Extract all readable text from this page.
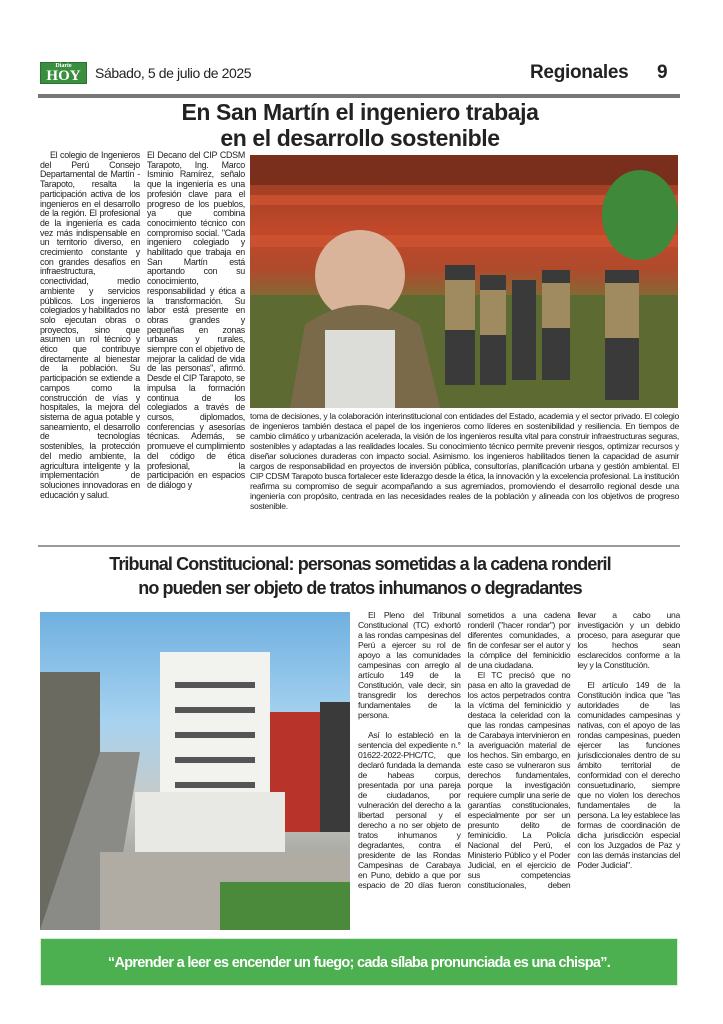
Diario
HOY	Sábado, 5 de julio de 2025	Regionales 9
En San Martín el ingeniero trabaja
en el desarrollo sostenible
El colegio de Ingenieros del Perú Consejo Departamental de Martín -Tarapoto, resalta la participación activa de los ingenieros en el desarrollo de la región. El profesional de la ingeniería es cada vez más indispensable en un territorio diverso, en crecimiento constante y con grandes desafíos en infraestructura, conectividad, medio ambiente y servicios públicos. Los ingenieros colegiados y habilitados no solo ejecutan obras o proyectos, sino que asumen un rol técnico y ético que contribuye directamente al bienestar de la población. Su participación se extiende a campos como la construcción de vías y hospitales, la mejora del sistema de agua potable y saneamiento, el desarrollo de tecnologías sostenibles, la protección del medio ambiente, la agricultura inteligente y la implementación de soluciones innovadoras en educación y salud.
El Decano del CIP CDSM Tarapoto, Ing. Marco Isminio Ramírez, señalo que la ingeniería es una profesión clave para el progreso de los pueblos, ya que combina conocimiento técnico con compromiso social. "Cada ingeniero colegiado y habilitado que trabaja en San Martín está aportando con su conocimiento, responsabilidad y ética a la transformación. Su labor está presente en obras grandes y pequeñas en zonas urbanas y rurales, siempre con el objetivo de mejorar la calidad de vida de las personas", afirmó. Desde el CIP Tarapoto, se impulsa la formación continua de los colegiados a través de cursos, diplomados, conferencias y asesorías técnicas. Además, se promueve el cumplimiento del código de ética profesional, la participación en espacios de diálogo y
toma de decisiones, y la colaboración interinstitucional con entidades del Estado, academia y el sector privado. El colegio de ingenieros también destaca el papel de los ingenieros como líderes en sostenibilidad y resiliencia. En tiempos de cambio climático y urbanización acelerada, la visión de los ingenieros resulta vital para construir infraestructuras seguras, sostenibles y adaptadas a las realidades locales. Su conocimiento técnico permite prevenir riesgos, optimizar recursos y diseñar soluciones duraderas con impacto social. Asimismo. los ingenieros habilitados tienen la capacidad de asumir cargos de responsabilidad en proyectos de inversión pública, consultorías, planificación urbana y gestión ambiental. El CIP CDSM Tarapoto busca fortalecer este liderazgo desde la ética, la innovación y la excelencia profesional. La institución reafirma su compromiso de seguir acompañando a sus agremiados, promoviendo el desarrollo regional desde una ingeniería con propósito, centrada en las necesidades reales de la población y alineada con los objetivos de progreso sostenible.
Tribunal Constitucional: personas sometidas a la cadena ronderil
no pueden ser objeto de tratos inhumanos o degradantes

El Pleno del Tribunal Constitucional (TC) exhortó a las rondas campesinas del Perú a ejercer su rol de apoyo a las comunidades campesinas con arreglo al artículo 149 de la Constitución, vale decir, sin transgredir los derechos fundamentales de la persona.

Así lo estableció en la sentencia del expediente n.° 01622-2022-PHC/TC, que declaró fundada la demanda de habeas corpus, presentada por una pareja de ciudadanos, por vulneración del derecho a la libertad personal y el derecho a no ser objeto de tratos inhumanos y degradantes, contra el presidente de las Rondas Campesinas de Carabaya en Puno, debido a que por espacio de 20 días fueron sometidos a una cadena ronderil ("hacer rondar") por diferentes comunidades, a fin de confesar ser el autor y la cómplice del feminicidio de una ciudadana.

El TC precisó que no pasa en alto la gravedad de los actos perpetrados contra la víctima del feminicidio y destaca la celeridad con la que las rondas campesinas de Carabaya intervinieron en la averiguación material de los hechos. Sin embargo, en este caso se vulneraron sus derechos fundamentales, porque la investigación requiere cumplir una serie de garantías constitucionales, especialmente por ser un presunto delito de feminicidio. La Policía Nacional del Perú, el Ministerio Público y el Poder Judicial, en el ejercicio de sus competencias constitucionales, deben llevar a cabo una investigación y un debido proceso, para asegurar que los hechos sean esclarecidos conforme a la ley y la Constitución.

El artículo 149 de la Constitución indica que "las autoridades de las comunidades campesinas y nativas, con el apoyo de las rondas campesinas, pueden ejercer las funciones jurisdiccionales dentro de su ámbito territorial de conformidad con el derecho consuetudinario, siempre que no violen los derechos fundamentales de la persona. La ley establece las formas de coordinación de dicha jurisdicción especial con los Juzgados de Paz y con las demás instancias del Poder Judicial".

“Aprender a leer es encender un fuego; cada sílaba pronunciada es una chispa”.
